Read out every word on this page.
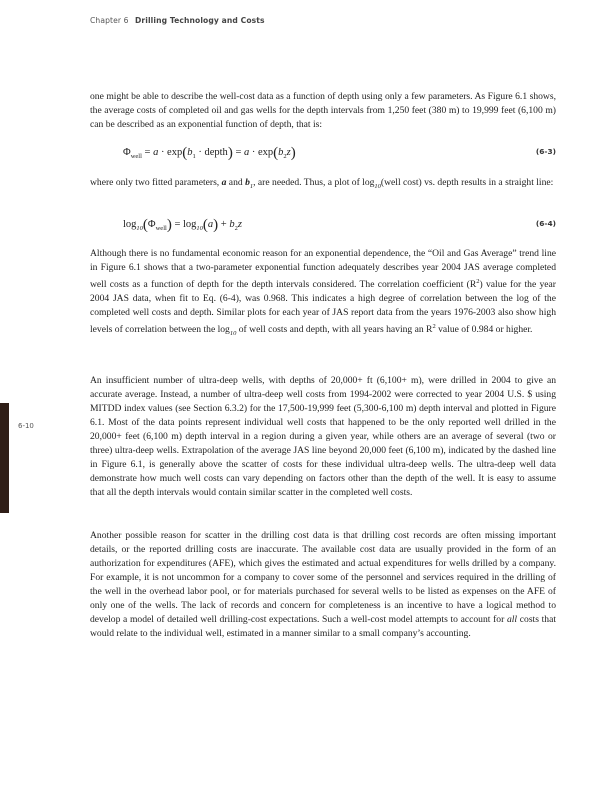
Chapter 6 Drilling Technology and Costs
6-10

one might be able to describe the well-cost data as a function of depth using only a few parameters. As Figure 6.1 shows, the average costs of completed oil and gas wells for the depth intervals from 1,250 feet (380 m) to 19,999 feet (6,100 m) can be described as an exponential function of depth, that is:

$\Phi_{well} = a \cdot \exp(b_1$ · depth) = $a \cdot \exp(b_2z)$	(6-3)

where only two fitted parameters, a and $b_1$, are needed. Thus, a plot of $\log_{10}(well$ cost) vs. depth results in a straight line:

$\log_{10}(\Phi_{well}) = \log_{10}(a) + b_2z$	(6-4)

Although there is no fundamental economic reason for an exponential dependence, the “Oil and Gas Average” trend line in Figure 6.1 shows that a two-parameter exponential function adequately describes year 2004 JAS average completed well costs as a function of depth for the depth intervals considered. The correlation coefficient $(R^2)$ value for the year 2004 JAS data, when fit to Eq. (6-4), was 0.968. This indicates a high degree of correlation between the log of the completed well costs and depth. Similar plots for each year of JAS report data from the years 1976-2003 also show high levels of correlation between the $\log_{10}$ of well costs and depth, with all years having an $R^2$ value of 0.984 or higher.

An insufficient number of ultra-deep wells, with depths of 20,000+ ft (6,100+ m), were drilled in 2004 to give an accurate average. Instead, a number of ultra-deep well costs from 1994-2002 were corrected to year 2004 U.S. $ using MITDD index values (see Section 6.3.2) for the 17,500-19,999 feet (5,300-6,100 m) depth interval and plotted in Figure 6.1. Most of the data points represent individual well costs that happened to be the only reported well drilled in the 20,000+ feet (6,100 m) depth interval in a region during a given year, while others are an average of several (two or three) ultra-deep wells. Extrapolation of the average JAS line beyond 20,000 feet (6,100 m), indicated by the dashed line in Figure 6.1, is generally above the scatter of costs for these individual ultra-deep wells. The ultra-deep well data demonstrate how much well costs can vary depending on factors other than the depth of the well. It is easy to assume that all the depth intervals would contain similar scatter in the completed well costs.

Another possible reason for scatter in the drilling cost data is that drilling cost records are often missing important details, or the reported drilling costs are inaccurate. The available cost data are usually provided in the form of an authorization for expenditures (AFE), which gives the estimated and actual expenditures for wells drilled by a company. For example, it is not uncommon for a company to cover some of the personnel and services required in the drilling of the well in the overhead labor pool, or for materials purchased for several wells to be listed as expenses on the AFE of only one of the wells. The lack of records and concern for completeness is an incentive to have a logical method to develop a model of detailed well drilling-cost expectations. Such a well-cost model attempts to account for all costs that would relate to the individual well, estimated in a manner similar to a small company’s accounting.
